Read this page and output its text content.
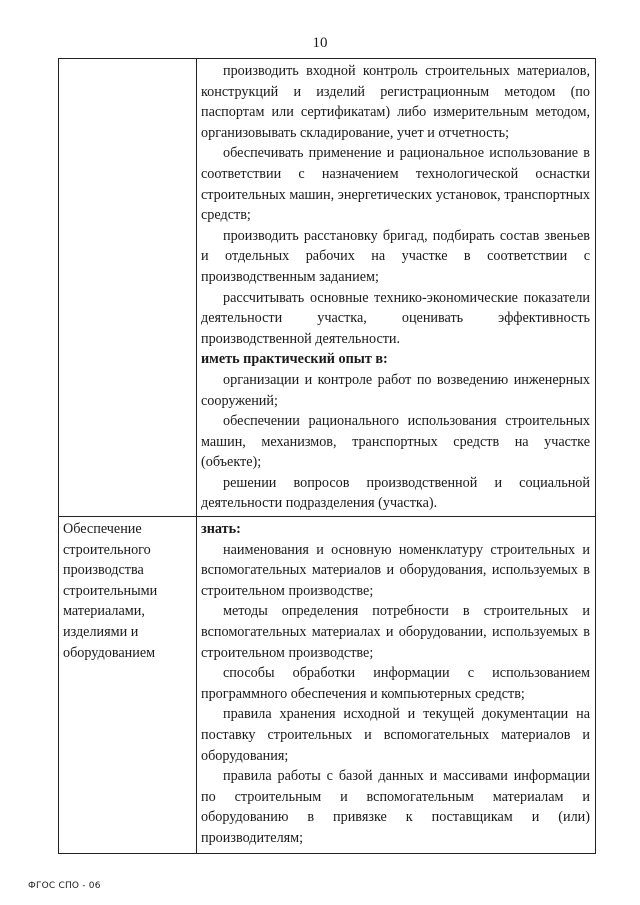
10

производить входной контроль строительных материалов, конструкций и изделий регистрационным методом (по паспортам или сертификатам) либо измерительным методом, организовывать складирование, учет и отчетность;

обеспечивать применение и рациональное использование в соответствии с назначением технологической оснастки строительных машин, энергетических установок, транспортных средств;

производить расстановку бригад, подбирать состав звеньев и отдельных рабочих на участке в соответствии с производственным заданием;

рассчитывать основные технико-экономические показатели деятельности участка, оценивать эффективность производственной деятельности.

иметь практический опыт в:

организации и контроле работ по возведению инженерных сооружений;

обеспечении рационального использования строительных машин, механизмов, транспортных средств на участке (объекте);

решении вопросов производственной и социальной деятельности подразделения (участка).

Обеспечение строительного производства строительными материалами, изделиями и оборудованием

знать:

наименования и основную номенклатуру строительных и вспомогательных материалов и оборудования, используемых в строительном производстве;

методы определения потребности в строительных и вспомогательных материалах и оборудовании, используемых в строительном производстве;

способы обработки информации с использованием программного обеспечения и компьютерных средств;

правила хранения исходной и текущей документации на поставку строительных и вспомогательных материалов и оборудования;

правила работы с базой данных и массивами информации по строительным и вспомогательным материалам и оборудованию в привязке к поставщикам и (или) производителям;

ФГОС СПО - 06
